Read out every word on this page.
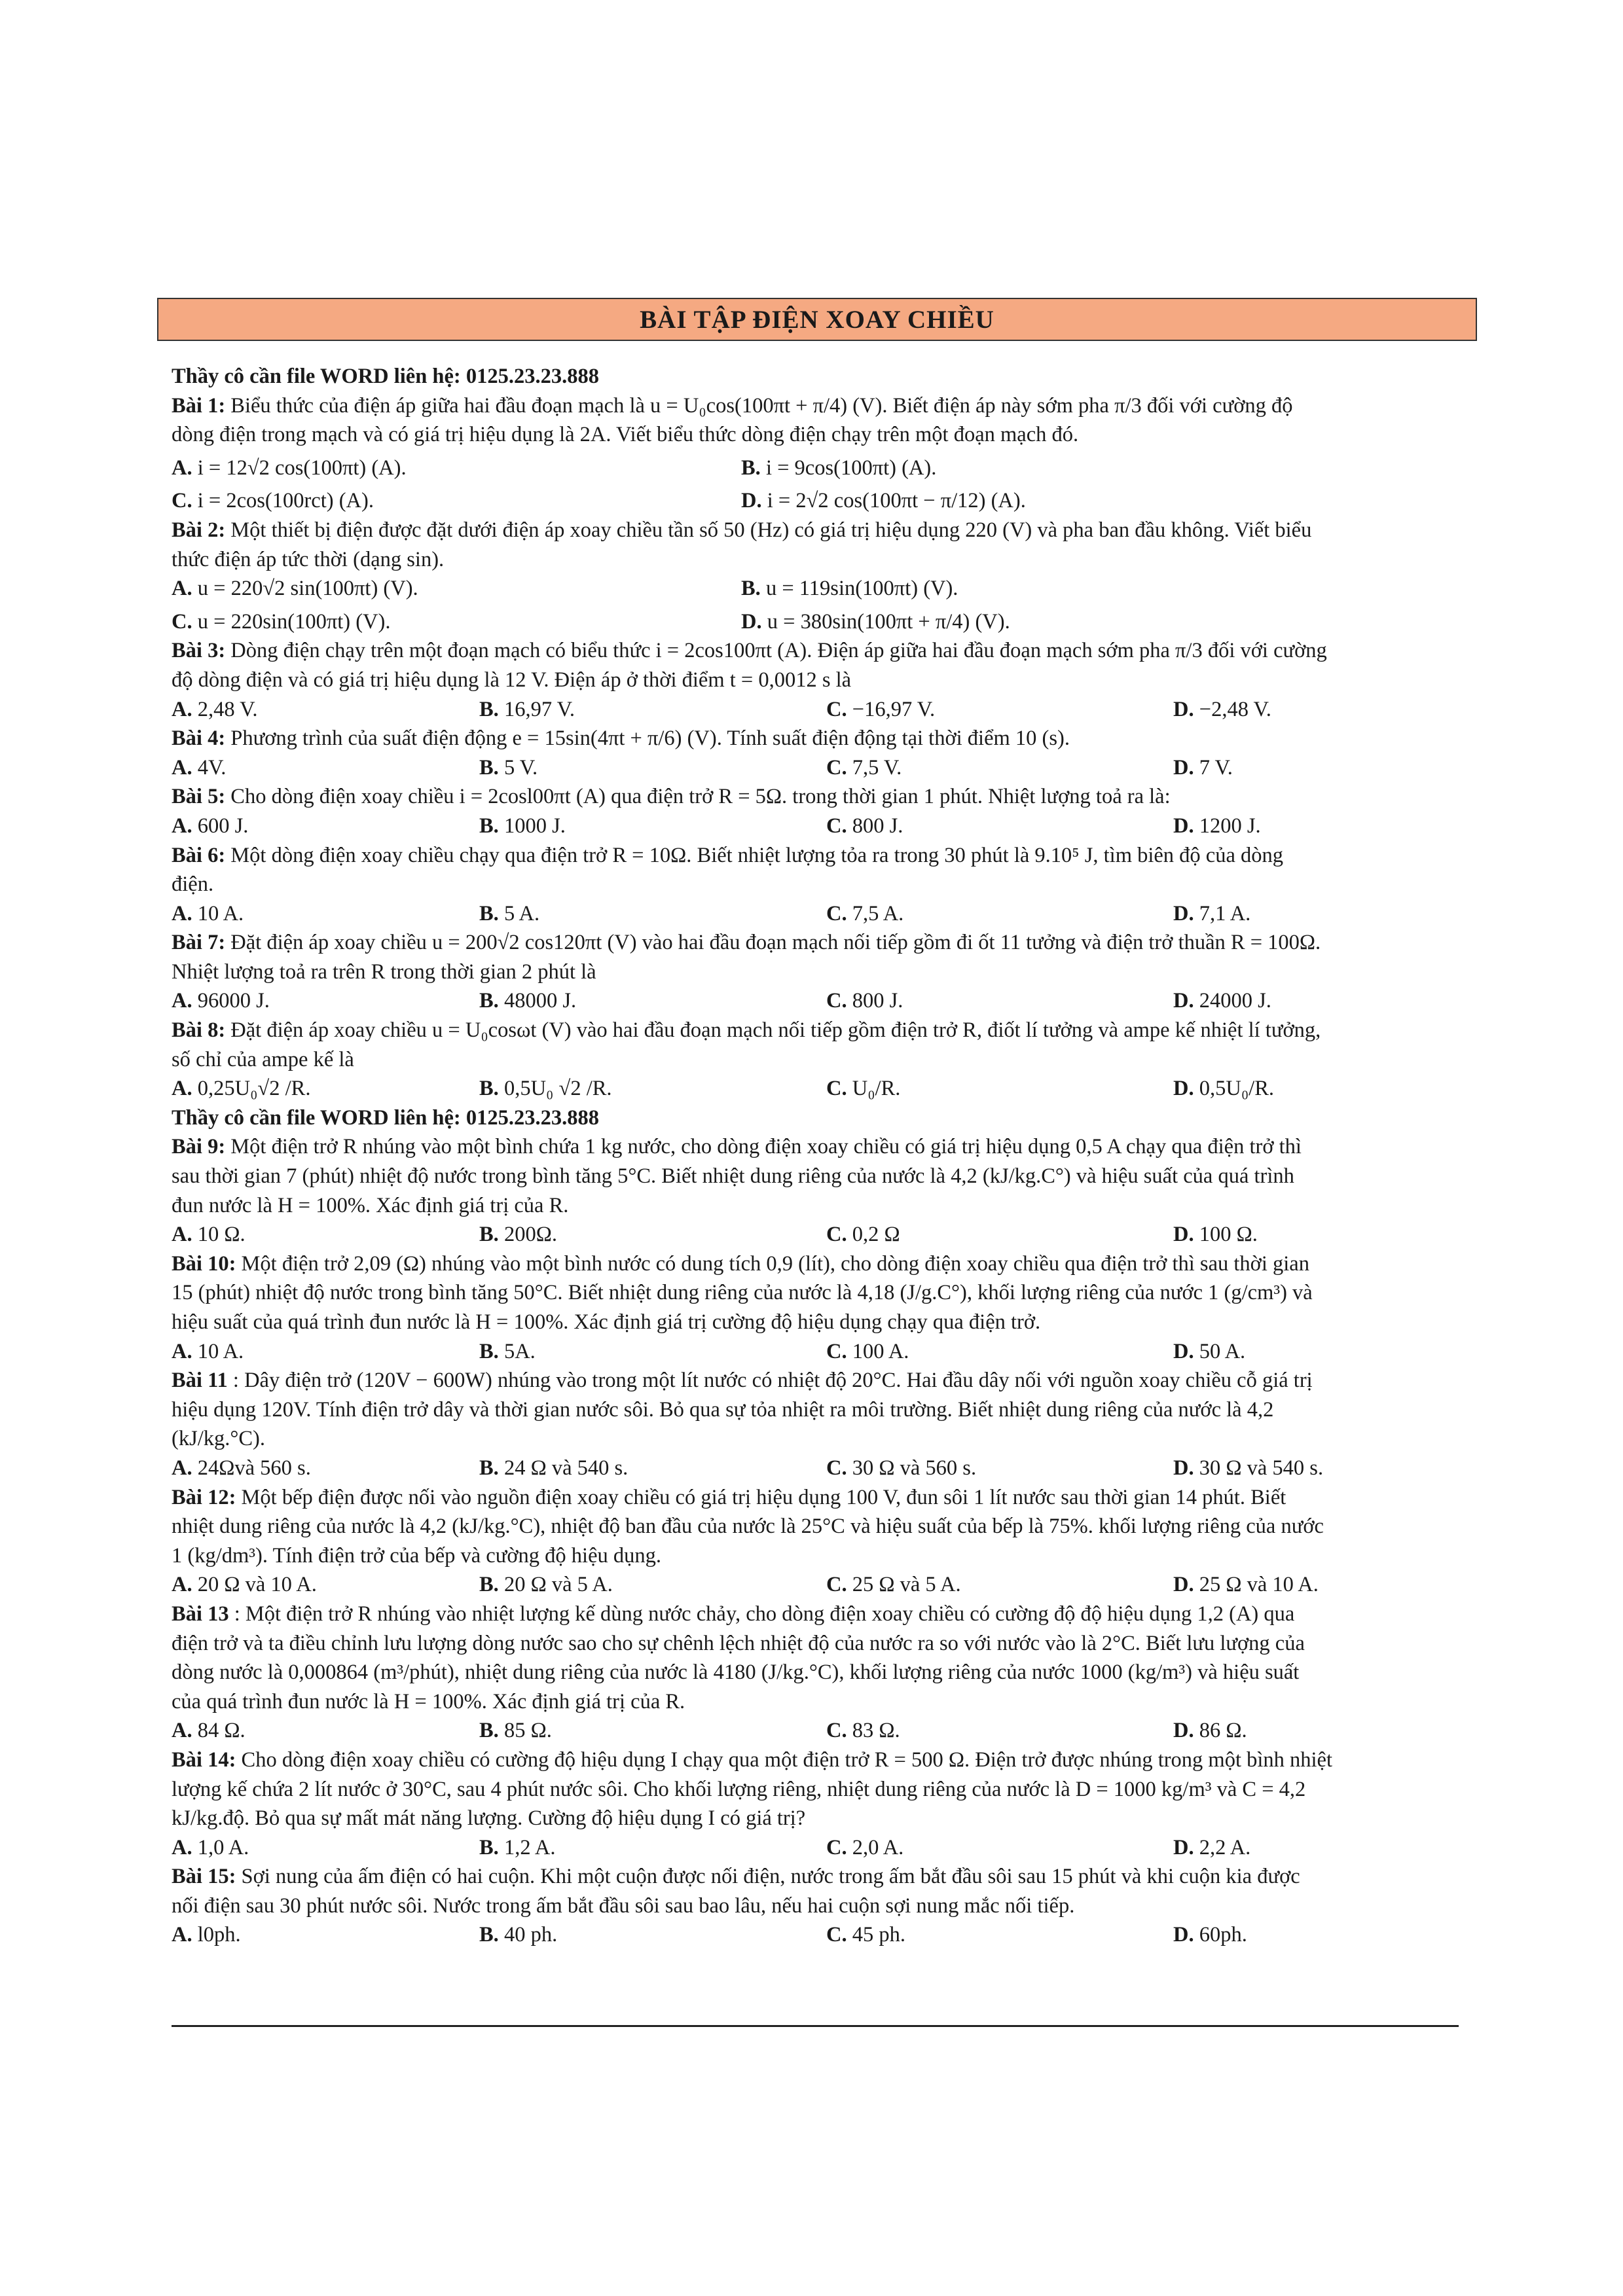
BÀI TẬP ĐIỆN XOAY CHIỀU
Thầy cô cần file WORD liên hệ: 0125.23.23.888
Bài 1: Biểu thức của điện áp giữa hai đầu đoạn mạch là u = U₀cos(100πt + π/4) (V). Biết điện áp này sớm pha π/3 đối với cường độ
dòng điện trong mạch và có giá trị hiệu dụng là 2A. Viết biểu thức dòng điện chạy trên một đoạn mạch đó.
A. i = 12√2 cos(100πt) (A).	B. i = 9cos(100πt) (A).
C. i = 2cos(100rct) (A).	D. i = 2√2 cos(100πt − π/12) (A).
Bài 2: Một thiết bị điện được đặt dưới điện áp xoay chiều tần số 50 (Hz) có giá trị hiệu dụng 220 (V) và pha ban đầu không. Viết biểu
thức điện áp tức thời (dạng sin).
A. u = 220√2 sin(100πt) (V).	B. u = 119sin(100πt) (V).
C. u = 220sin(100πt) (V).	D. u = 380sin(100πt + π/4) (V).
Bài 3: Dòng điện chạy trên một đoạn mạch có biểu thức i = 2cos100πt (A). Điện áp giữa hai đầu đoạn mạch sớm pha π/3 đối với cường
độ dòng điện và có giá trị hiệu dụng là 12 V. Điện áp ở thời điểm t = 0,0012 s là
A. 2,48 V.	B. 16,97 V.	C. −16,97 V.	D. −2,48 V.
Bài 4: Phương trình của suất điện động e = 15sin(4πt + π/6) (V). Tính suất điện động tại thời điểm 10 (s).
A. 4V.	B. 5 V.	C. 7,5 V.	D. 7 V.
Bài 5: Cho dòng điện xoay chiều i = 2cosl00πt (A) qua điện trở R = 5Ω. trong thời gian 1 phút. Nhiệt lượng toả ra là:
A. 600 J.	B. 1000 J.	C. 800 J.	D. 1200 J.
Bài 6: Một dòng điện xoay chiều chạy qua điện trở R = 10Ω. Biết nhiệt lượng tỏa ra trong 30 phút là 9.10⁵ J, tìm biên độ của dòng
điện.
A. 10 A.	B. 5 A.	C. 7,5 A.	D. 7,1 A.
Bài 7: Đặt điện áp xoay chiều u = 200√2 cos120πt (V) vào hai đầu đoạn mạch nối tiếp gồm đi ốt 11 tưởng và điện trở thuần R = 100Ω.
Nhiệt lượng toả ra trên R trong thời gian 2 phút là
A. 96000 J.	B. 48000 J.	C. 800 J.	D. 24000 J.
Bài 8: Đặt điện áp xoay chiều u = U₀cosωt (V) vào hai đầu đoạn mạch nối tiếp gồm điện trở R, điốt lí tưởng và ampe kế nhiệt lí tưởng,
số chỉ của ampe kế là
A. 0,25U₀√2 /R.	B. 0,5U₀ √2 /R.	C. U₀/R.	D. 0,5U₀/R.
Thầy cô cần file WORD liên hệ: 0125.23.23.888
Bài 9: Một điện trở R nhúng vào một bình chứa 1 kg nước, cho dòng điện xoay chiều có giá trị hiệu dụng 0,5 A chạy qua điện trở thì
sau thời gian 7 (phút) nhiệt độ nước trong bình tăng 5°C. Biết nhiệt dung riêng của nước là 4,2 (kJ/kg.C°) và hiệu suất của quá trình
đun nước là H = 100%. Xác định giá trị của R.
A. 10 Ω.	B. 200Ω.	C. 0,2 Ω	D. 100 Ω.
Bài 10: Một điện trở 2,09 (Ω) nhúng vào một bình nước có dung tích 0,9 (lít), cho dòng điện xoay chiều qua điện trở thì sau thời gian
15 (phút) nhiệt độ nước trong bình tăng 50°C. Biết nhiệt dung riêng của nước là 4,18 (J/g.C°), khối lượng riêng của nước 1 (g/cm³) và
hiệu suất của quá trình đun nước là H = 100%. Xác định giá trị cường độ hiệu dụng chạy qua điện trở.
A. 10 A.	B. 5A.	C. 100 A.	D. 50 A.
Bài 11 : Dây điện trở (120V − 600W) nhúng vào trong một lít nước có nhiệt độ 20°C. Hai đầu dây nối với nguồn xoay chiều cỗ giá trị
hiệu dụng 120V. Tính điện trở dây và thời gian nước sôi. Bỏ qua sự tỏa nhiệt ra môi trường. Biết nhiệt dung riêng của nước là 4,2
(kJ/kg.°C).
A. 24Ωvà 560 s.	B. 24 Ω và 540 s.	C. 30 Ω và 560 s.	D. 30 Ω và 540 s.
Bài 12: Một bếp điện được nối vào nguồn điện xoay chiều có giá trị hiệu dụng 100 V, đun sôi 1 lít nước sau thời gian 14 phút. Biết
nhiệt dung riêng của nước là 4,2 (kJ/kg.°C), nhiệt độ ban đầu của nước là 25°C và hiệu suất của bếp là 75%. khối lượng riêng của nước
1 (kg/dm³). Tính điện trở của bếp và cường độ hiệu dụng.
A. 20 Ω và 10 A.	B. 20 Ω và 5 A.	C. 25 Ω và 5 A.	D. 25 Ω và 10 A.
Bài 13 : Một điện trở R nhúng vào nhiệt lượng kế dùng nước chảy, cho dòng điện xoay chiều có cường độ độ hiệu dụng 1,2 (A) qua
điện trở và ta điều chỉnh lưu lượng dòng nước sao cho sự chênh lệch nhiệt độ của nước ra so với nước vào là 2°C. Biết lưu lượng của
dòng nước là 0,000864 (m³/phút), nhiệt dung riêng của nước là 4180 (J/kg.°C), khối lượng riêng của nước 1000 (kg/m³) và hiệu suất
của quá trình đun nước là H = 100%. Xác định giá trị của R.
A. 84 Ω.	B. 85 Ω.	C. 83 Ω.	D. 86 Ω.
Bài 14: Cho dòng điện xoay chiều có cường độ hiệu dụng I chạy qua một điện trở R = 500 Ω. Điện trở được nhúng trong một bình nhiệt
lượng kế chứa 2 lít nước ở 30°C, sau 4 phút nước sôi. Cho khối lượng riêng, nhiệt dung riêng của nước là D = 1000 kg/m³ và C = 4,2
kJ/kg.độ. Bỏ qua sự mất mát năng lượng. Cường độ hiệu dụng I có giá trị?
A. 1,0 A.	B. 1,2 A.	C. 2,0 A.	D. 2,2 A.
Bài 15: Sợi nung của ấm điện có hai cuộn. Khi một cuộn được nối điện, nước trong ấm bắt đầu sôi sau 15 phút và khi cuộn kia được
nối điện sau 30 phút nước sôi. Nước trong ấm bắt đầu sôi sau bao lâu, nếu hai cuộn sợi nung mắc nối tiếp.
A. l0ph.	B. 40 ph.	C. 45 ph.	D. 60ph.
